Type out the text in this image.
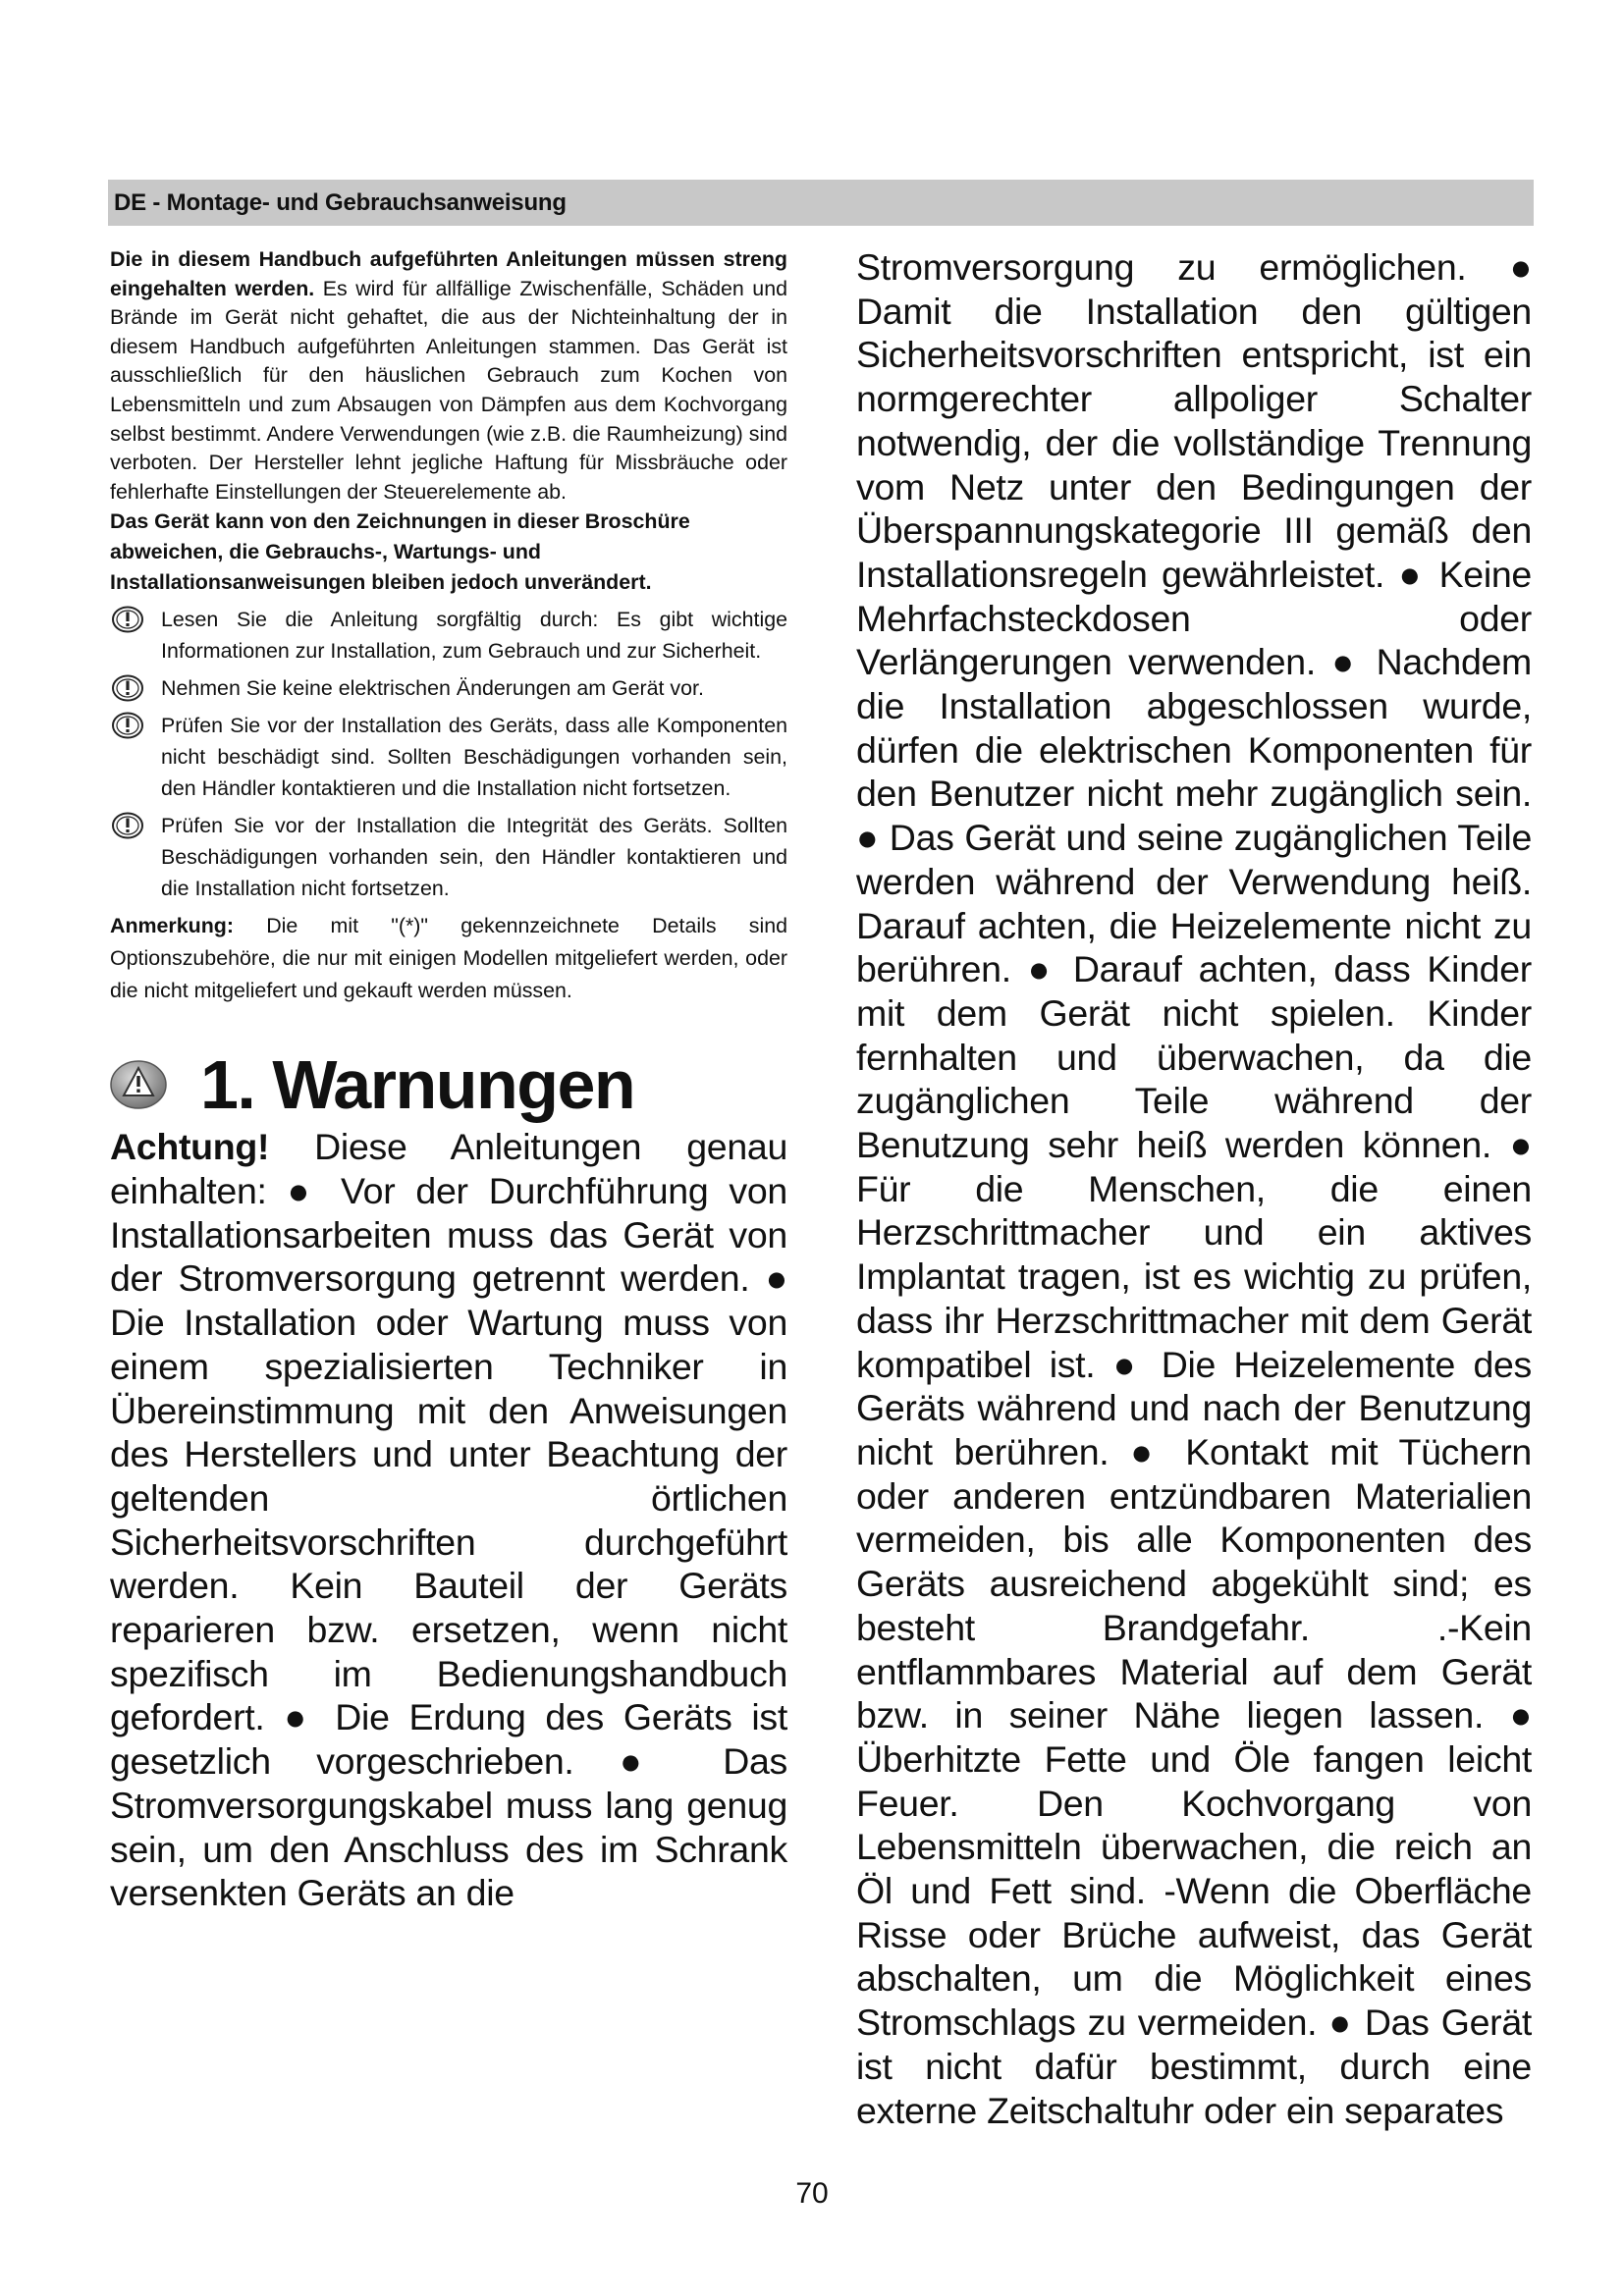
DE - Montage- und Gebrauchsanweisung

Die in diesem Handbuch aufgeführten Anleitungen müssen streng eingehalten werden. Es wird für allfällige Zwischenfälle, Schäden und Brände im Gerät nicht gehaftet, die aus der Nichteinhaltung der in diesem Handbuch aufgeführten Anleitungen stammen. Das Gerät ist ausschließlich für den häuslichen Gebrauch zum Kochen von Lebensmitteln und zum Absaugen von Dämpfen aus dem Kochvorgang selbst bestimmt. Andere Verwendungen (wie z.B. die Raumheizung) sind verboten. Der Hersteller lehnt jegliche Haftung für Missbräuche oder fehlerhafte Einstellungen der Steuerelemente ab.

Das Gerät kann von den Zeichnungen in dieser Broschüre abweichen, die Gebrauchs-, Wartungs- und Installationsanweisungen bleiben jedoch unverändert.

Lesen Sie die Anleitung sorgfältig durch: Es gibt wichtige Informationen zur Installation, zum Gebrauch und zur Sicherheit.
Nehmen Sie keine elektrischen Änderungen am Gerät vor.
Prüfen Sie vor der Installation des Geräts, dass alle Komponenten nicht beschädigt sind. Sollten Beschädigungen vorhanden sein, den Händler kontaktieren und die Installation nicht fortsetzen.
Prüfen Sie vor der Installation die Integrität des Geräts. Sollten Beschädigungen vorhanden sein, den Händler kontaktieren und die Installation nicht fortsetzen.

Anmerkung: Die mit "(*)" gekennzeichnete Details sind Optionszubehöre, die nur mit einigen Modellen mitgeliefert werden, oder die nicht mitgeliefert und gekauft werden müssen.

1. Warnungen

Achtung! Diese Anleitungen genau einhalten: ● Vor der Durchführung von Installationsarbeiten muss das Gerät von der Stromversorgung getrennt werden. ● Die Installation oder Wartung muss von einem spezialisierten Techniker in Übereinstimmung mit den Anweisungen des Herstellers und unter Beachtung der geltenden örtlichen Sicherheitsvorschriften durchgeführt werden. Kein Bauteil der Geräts reparieren bzw. ersetzen, wenn nicht spezifisch im Bedienungshandbuch gefordert. ● Die Erdung des Geräts ist gesetzlich vorgeschrieben. ● Das Stromversorgungskabel muss lang genug sein, um den Anschluss des im Schrank versenkten Geräts an die

Stromversorgung zu ermöglichen. ● Damit die Installation den gültigen Sicherheitsvorschriften entspricht, ist ein normgerechter allpoliger Schalter notwendig, der die vollständige Trennung vom Netz unter den Bedingungen der Überspannungskategorie III gemäß den Installationsregeln gewährleistet. ● Keine Mehrfachsteckdosen oder Verlängerungen verwenden. ● Nachdem die Installation abgeschlossen wurde, dürfen die elektrischen Komponenten für den Benutzer nicht mehr zugänglich sein. ● Das Gerät und seine zugänglichen Teile werden während der Verwendung heiß. Darauf achten, die Heizelemente nicht zu berühren. ● Darauf achten, dass Kinder mit dem Gerät nicht spielen. Kinder fernhalten und überwachen, da die zugänglichen Teile während der Benutzung sehr heiß werden können. ● Für die Menschen, die einen Herzschrittmacher und ein aktives Implantat tragen, ist es wichtig zu prüfen, dass ihr Herzschrittmacher mit dem Gerät kompatibel ist. ● Die Heizelemente des Geräts während und nach der Benutzung nicht berühren. ● Kontakt mit Tüchern oder anderen entzündbaren Materialien vermeiden, bis alle Komponenten des Geräts ausreichend abgekühlt sind; es besteht Brandgefahr. .-Kein entflammbares Material auf dem Gerät bzw. in seiner Nähe liegen lassen. ● Überhitzte Fette und Öle fangen leicht Feuer. Den Kochvorgang von Lebensmitteln überwachen, die reich an Öl und Fett sind. -Wenn die Oberfläche Risse oder Brüche aufweist, das Gerät abschalten, um die Möglichkeit eines Stromschlags zu vermeiden. ● Das Gerät ist nicht dafür bestimmt, durch eine externe Zeitschaltuhr oder ein separates

70
